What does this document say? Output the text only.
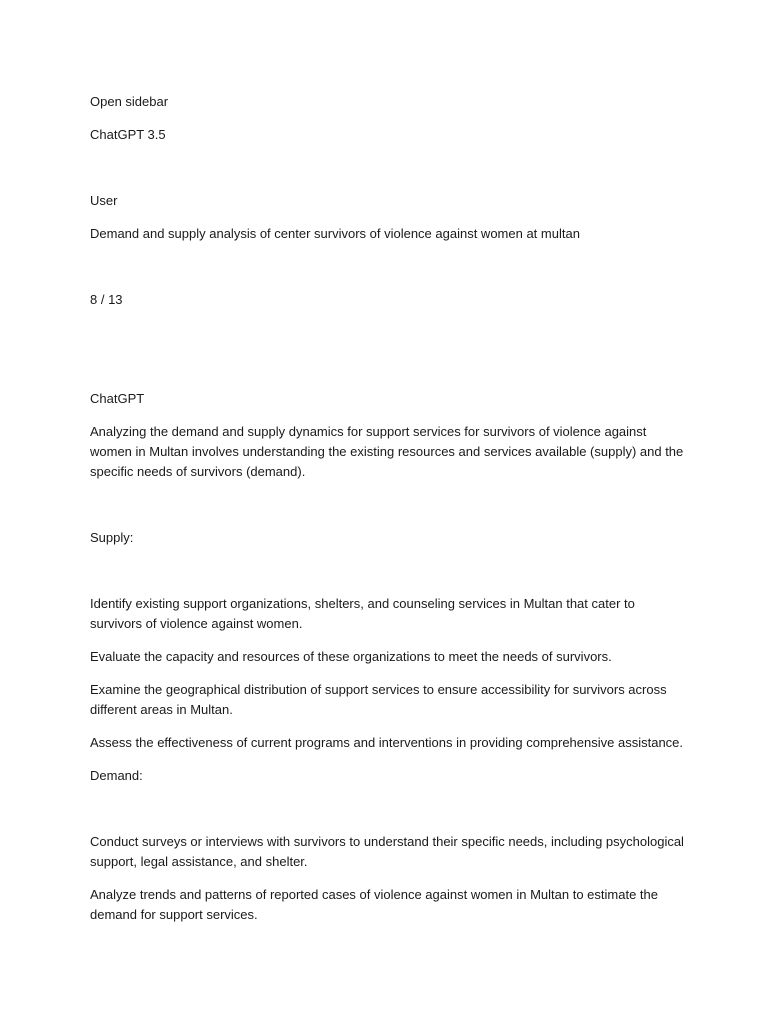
Open sidebar

ChatGPT 3.5

User

Demand and supply analysis of center survivors of violence against women at multan

8 / 13

ChatGPT

Analyzing the demand and supply dynamics for support services for survivors of violence against women in Multan involves understanding the existing resources and services available (supply) and the specific needs of survivors (demand).

Supply:

Identify existing support organizations, shelters, and counseling services in Multan that cater to survivors of violence against women.

Evaluate the capacity and resources of these organizations to meet the needs of survivors.

Examine the geographical distribution of support services to ensure accessibility for survivors across different areas in Multan.

Assess the effectiveness of current programs and interventions in providing comprehensive assistance.

Demand:

Conduct surveys or interviews with survivors to understand their specific needs, including psychological support, legal assistance, and shelter.

Analyze trends and patterns of reported cases of violence against women in Multan to estimate the demand for support services.
